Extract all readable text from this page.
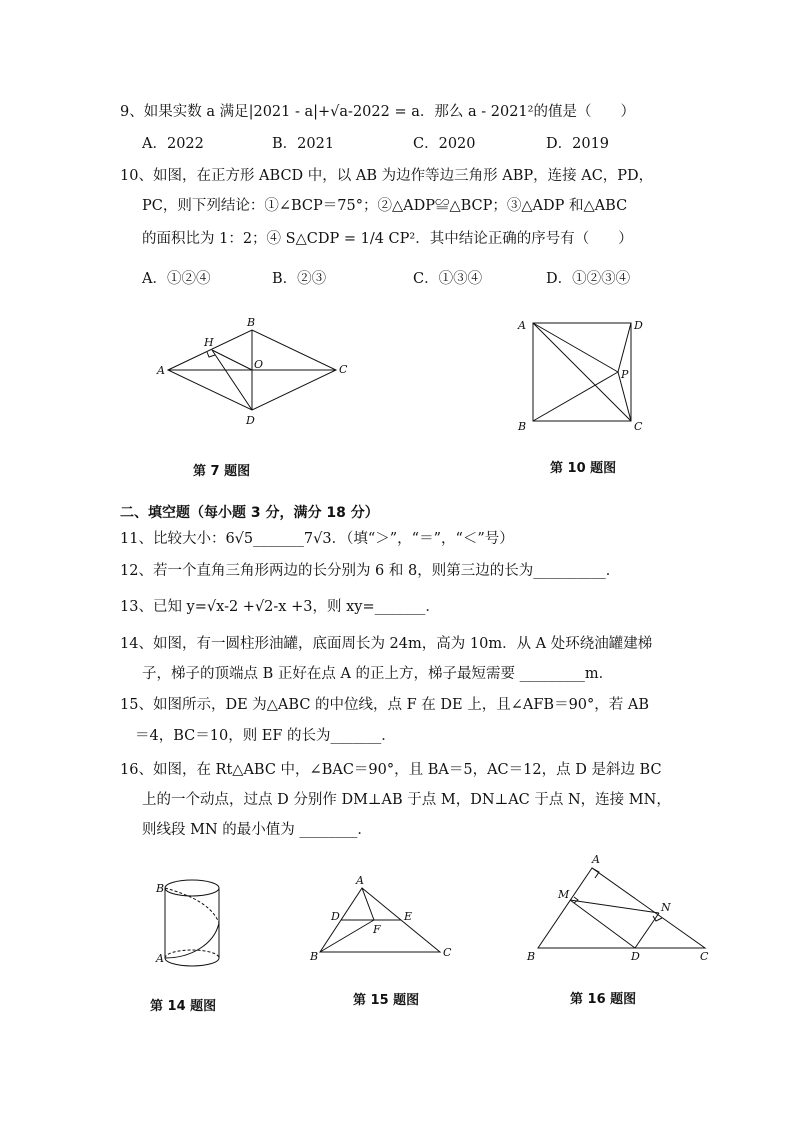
9、如果实数 a 满足|2021 - a|+√a-2022 = a．那么 a - 2021²的值是（　　）
A．2022	B．2021	C．2020	D．2019
10、如图，在正方形 ABCD 中，以 AB 为边作等边三角形 ABP，连接 AC，PD，
PC，则下列结论：①∠BCP＝75°；②△ADP≌△BCP；③△ADP 和△ABC
的面积比为 1：2；④ S△CDP = 1/4 CP²．其中结论正确的序号有（　　）
A．①②④	B．②③	C．①③④	D．①②③④
A
B
C
D
O
H
第 7 题图
A
B	C
D
P
第 10 题图
二、填空题（每小题 3 分，满分 18 分）
11、比较大小：6√5_______7√3．（填“＞”，“＝”，“＜”号）
12、若一个直角三角形两边的长分别为 6 和 8，则第三边的长为__________．
13、已知 y=√x-2 +√2-x +3，则 xy=_______．
14、如图，有一圆柱形油罐，底面周长为 24m，高为 10m．从 A 处环绕油罐建梯
子，梯子的顶端点 B 正好在点 A 的正上方，梯子最短需要 _________m．
15、如图所示，DE 为△ABC 的中位线，点 F 在 DE 上，且∠AFB＝90°，若 AB
＝4，BC＝10，则 EF 的长为_______．
16、如图，在 Rt△ABC 中，∠BAC＝90°，且 BA＝5，AC＝12，点 D 是斜边 BC
上的一个动点，过点 D 分别作 DM⊥AB 于点 M，DN⊥AC 于点 N，连接 MN，
则线段 MN 的最小值为 ________．
B
A
第 14 题图
A
B	C
D	E
F
第 15 题图
A
B	C
D
M
N
第 16 题图
